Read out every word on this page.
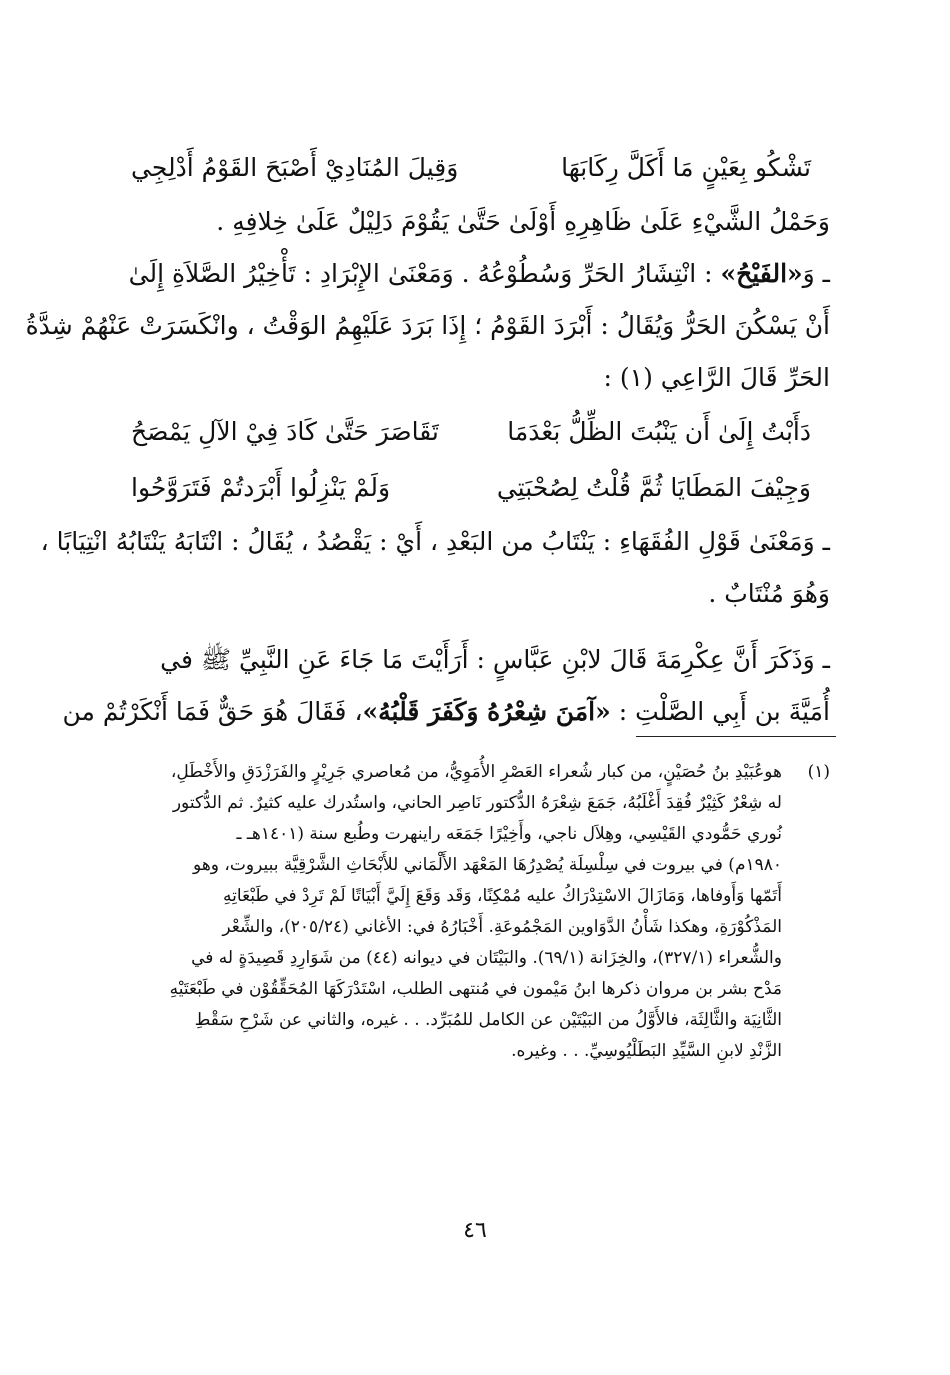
تَشْكُو بِعَيْنٍ مَا أَكَلَّ رِكَابَهَا
وَقِيلَ المُنَادِيْ أَصْبَحَ القَوْمُ أَدْلِجِي
وَحَمْلُ الشَّيْءِ عَلَىٰ ظَاهِرِهِ أَوْلَىٰ حَتَّىٰ يَقُوْمَ دَلِيْلٌ عَلَىٰ خِلافِهِ .
ـ وَ«الفَيْحُ» : انْتِشَارُ الحَرِّ وَسُطُوْعُهُ . وَمَعْنَىٰ الإِبْرَادِ : تَأْخِيْرُ الصَّلاَةِ إِلَىٰ
أَنْ يَسْكُنَ الحَرُّ وَيُقَالُ : أَبْرَدَ القَوْمُ ؛ إِذَا بَرَدَ عَلَيْهِمُ الوَقْتُ ، وانْكَسَرَتْ عَنْهُمْ شِدَّةُ
الحَرِّ قَالَ الرَّاعِي (١) :
دَأَبْتُ إِلَىٰ أَن يَنْبُتَ الظِّلُّ بَعْدَمَا
تَقَاصَرَ حَتَّىٰ كَادَ فِيْ الآلِ يَمْصَحُ
وَجِيْفَ المَطَايَا ثُمَّ قُلْتُ لِصُحْبَتِي
وَلَمْ يَنْزِلُوا أَبْرَدتُمْ فَتَرَوَّحُوا
ـ وَمَعْنَىٰ قَوْلِ الفُقَهَاءِ : يَنْتَابُ من البَعْدِ ، أَيْ : يَقْصُدُ ، يُقَالُ : انْتَابَهُ يَنْتَابُهُ انْتِيَابًا ،
وَهُوَ مُنْتَابٌ .
ـ وَذَكَرَ أَنَّ عِكْرِمَةَ قَالَ لابْنِ عَبَّاسٍ : أَرَأَيْتَ مَا جَاءَ عَنِ النَّبِيِّ ﷺ في
أُمَيَّةَ بن أَبِي الصَّلْتِ : «آمَنَ شِعْرُهُ وَكَفَرَ قَلْبُهُ»، فَقَالَ هُوَ حَقٌّ فَمَا أَنْكَرْتُمْ من
(١)هوعُبَيْدِ بنُ حُصَيْنٍ، من كبار شُعراء العَصْرِ الأُمَوِيُّ، من مُعاصري جَرِيْرٍ والفَرَزْدَقِ والأَخْطَلِ،
له شِعْرٌ كَثِيْرٌ فُقِدَ أَغْلَبُهُ، جَمَعَ شِعْرَهُ الدُّكتور نَاصِر الحاني، واستُدرك عليه كثيرٌ. ثم الدُّكتور
نُوري حَمُّودي القَيْسِي، وهِلاَل ناجي، وأَخِيْرًا جَمَعَه راينهرت وطُبع سنة (١٤٠١هـ ـ
١٩٨٠م) في بيروت في سِلْسِلَة يُصْدِرُهَا المَعْهَد الأَلْمَاني للأَبْحَاثِ الشَّرْقِيَّة ببيروت، وهو
أَتَمّها وَأَوفاها، وَمَازَالَ الاسْتِدْرَاكُ عليه مُمْكِنًا، وَقَد وَقَعَ إِلَيَّ أَبْيَاتًا لَمْ تَرِدْ في طَبْعَاتِهِ
المَذْكُوْرَةِ، وهكذا شَأْنُ الدَّوَاوين المَجْمُوعَةِ. أَخْبَارُهُ في: الأغاني (٢٠٥/٢٤)، والشِّعْر
والشُّعراء (٣٢٧/١)، والخِزَانة (٦٩/١). والبَيْتَان في ديوانه (٤٤) من شَوَارِدِ قَصِيدَةٍ له في
مَدْح بشر بن مروان ذكرها ابنُ مَيْمون في مُنتهى الطلب، اسْتَدْرَكَهَا المُحَقِّقُوْن في طَبْعَتَيْهِ
الثَّانِيَة والثَّالِثَة، فالأَوَّلُ من البَيْتَيْن عن الكامل للمُبَرِّد. . . غيره، والثاني عن شَرْحِ سَقْطِ
الزَّنْدِ لابنِ السَّيِّدِ البَطَلْيُوسِيِّ. . . وغيره.
٤٦
